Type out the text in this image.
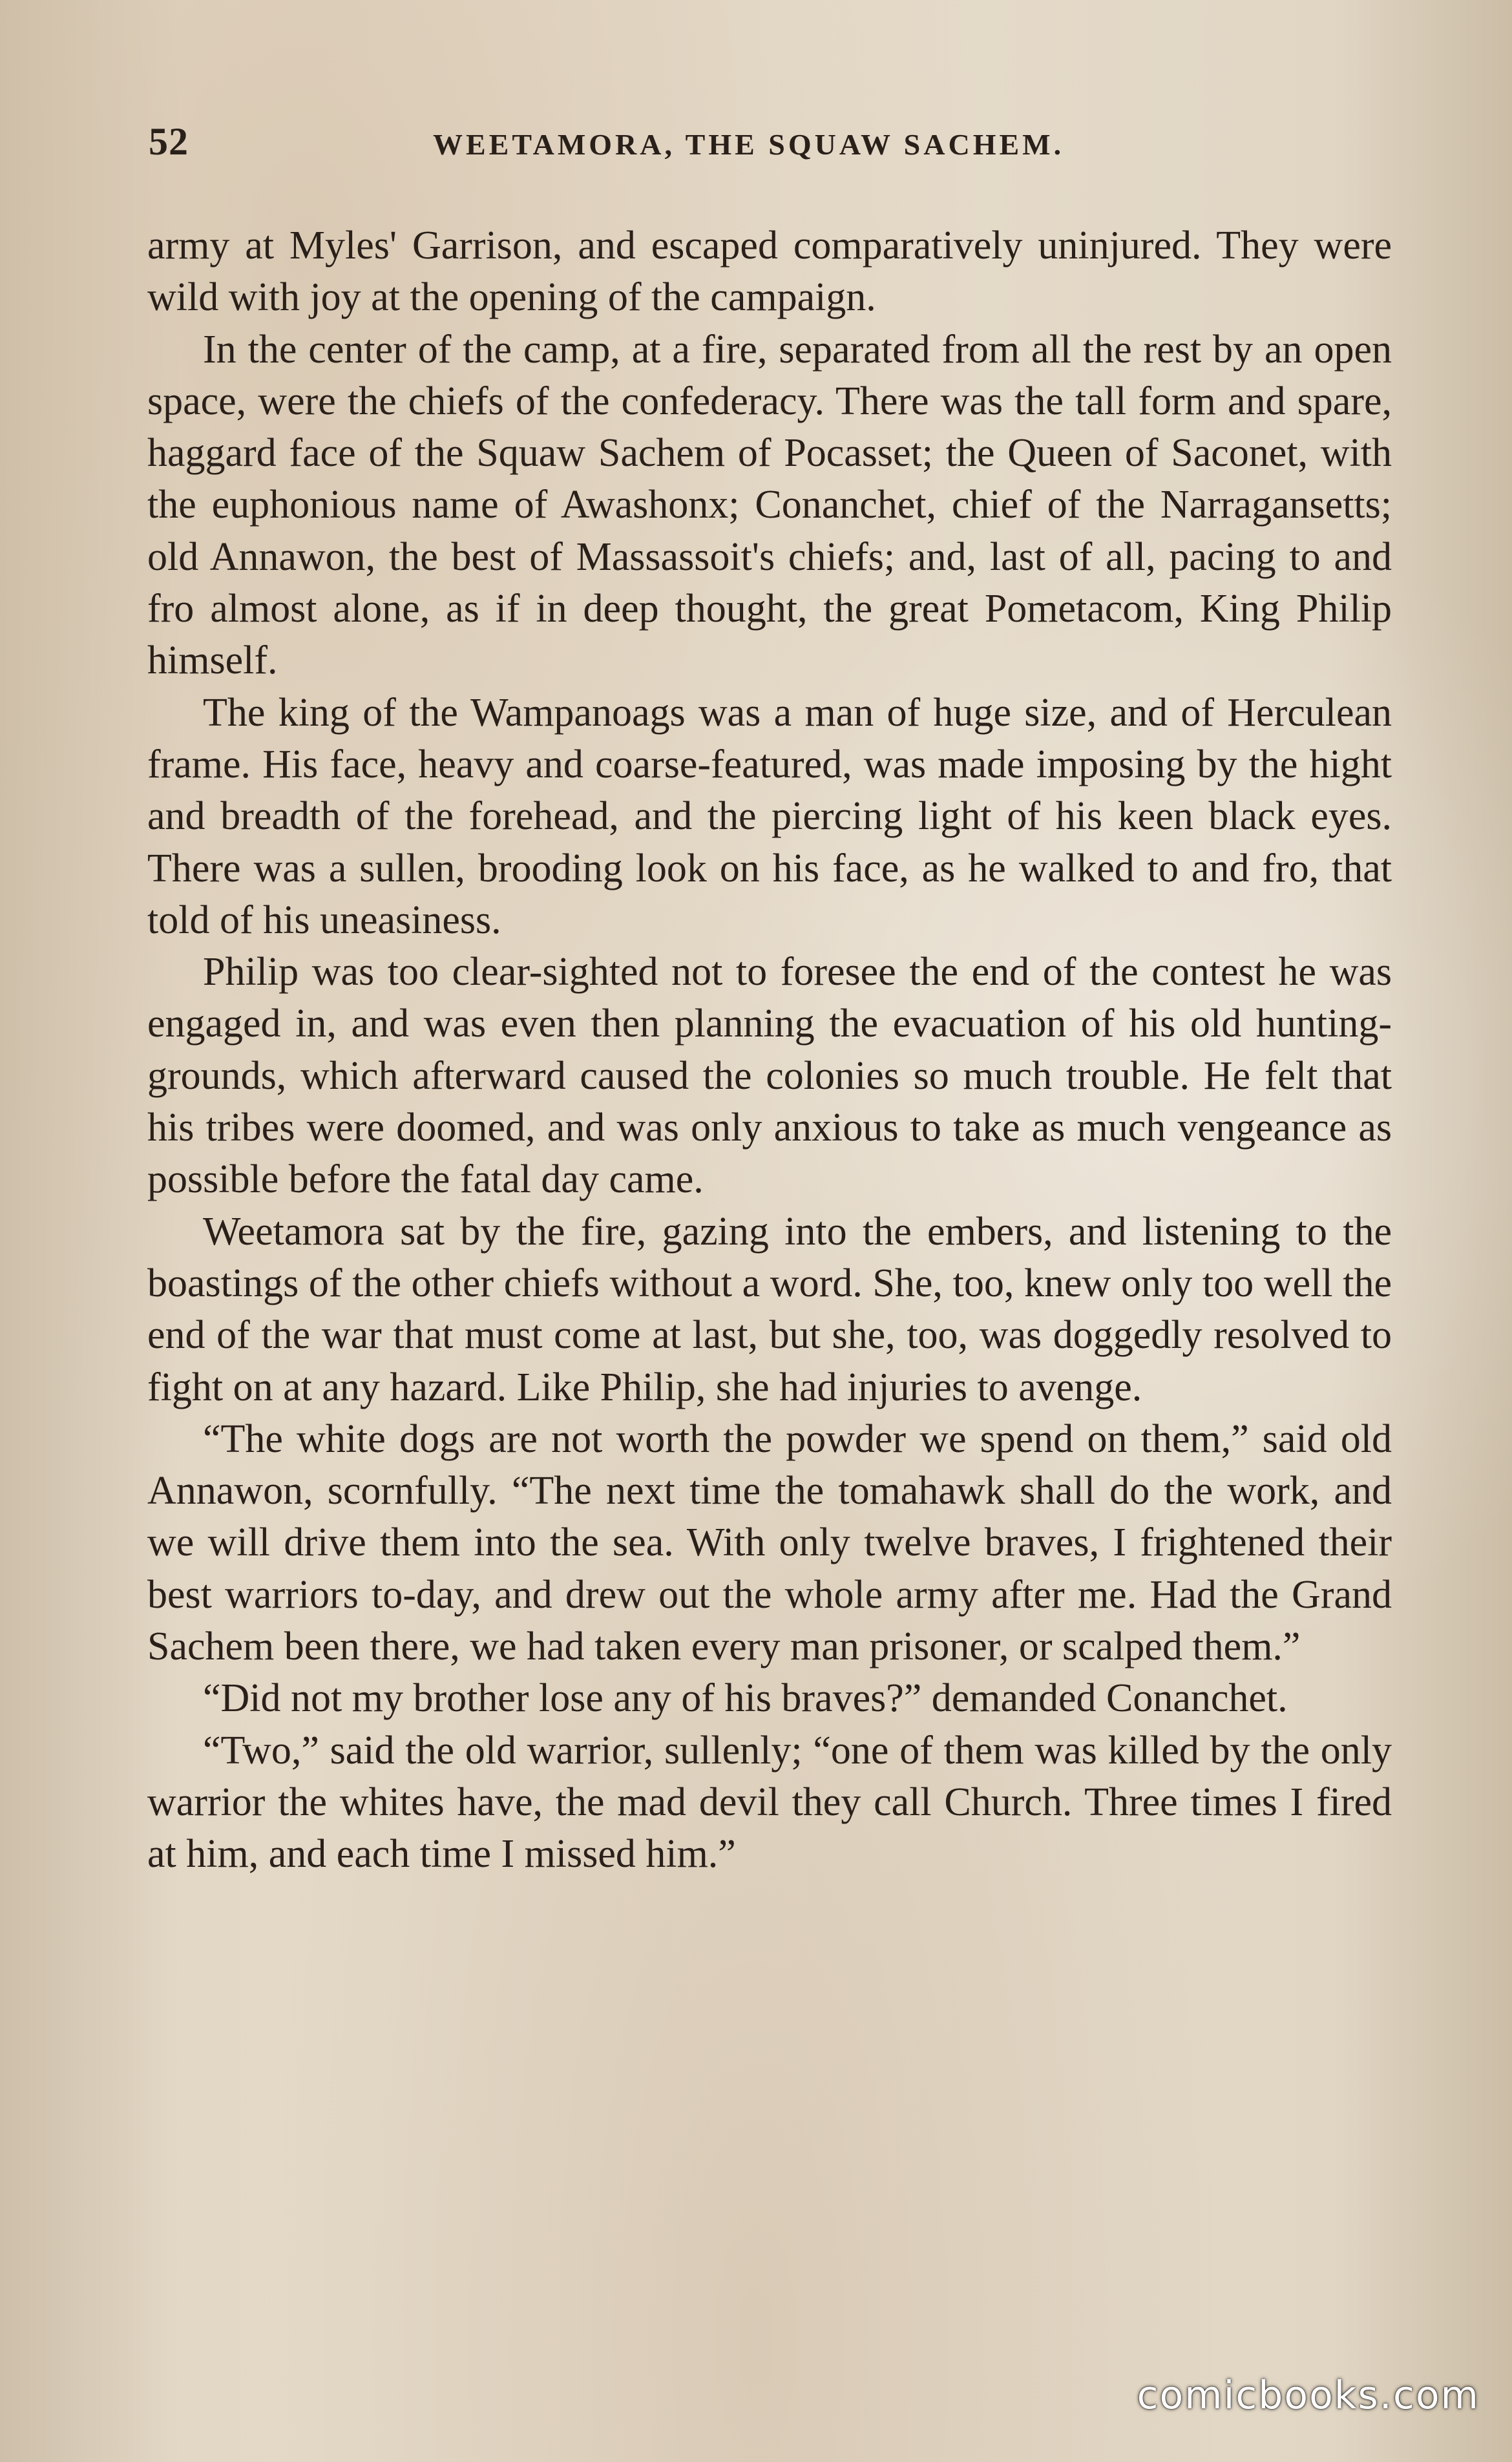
52	WEETAMORA, THE SQUAW SACHEM.

army at Myles' Garrison, and escaped comparatively uninjured. They were wild with joy at the opening of the campaign.

In the center of the camp, at a fire, separated from all the rest by an open space, were the chiefs of the confederacy. There was the tall form and spare, haggard face of the Squaw Sachem of Pocasset; the Queen of Saconet, with the euphonious name of Awashonx; Conanchet, chief of the Narragansetts; old Annawon, the best of Massassoit's chiefs; and, last of all, pacing to and fro almost alone, as if in deep thought, the great Pometacom, King Philip himself.

The king of the Wampanoags was a man of huge size, and of Herculean frame. His face, heavy and coarse-featured, was made imposing by the hight and breadth of the forehead, and the piercing light of his keen black eyes. There was a sullen, brooding look on his face, as he walked to and fro, that told of his uneasiness.

Philip was too clear-sighted not to foresee the end of the contest he was engaged in, and was even then planning the evacuation of his old hunting-grounds, which afterward caused the colonies so much trouble. He felt that his tribes were doomed, and was only anxious to take as much vengeance as possible before the fatal day came.

Weetamora sat by the fire, gazing into the embers, and listening to the boastings of the other chiefs without a word. She, too, knew only too well the end of the war that must come at last, but she, too, was doggedly resolved to fight on at any hazard. Like Philip, she had injuries to avenge.

“The white dogs are not worth the powder we spend on them,” said old Annawon, scornfully. “The next time the tomahawk shall do the work, and we will drive them into the sea. With only twelve braves, I frightened their best warriors to-day, and drew out the whole army after me. Had the Grand Sachem been there, we had taken every man prisoner, or scalped them.”

“Did not my brother lose any of his braves?” demanded Conanchet.

“Two,” said the old warrior, sullenly; “one of them was killed by the only warrior the whites have, the mad devil they call Church. Three times I fired at him, and each time I missed him.”

comicbooks.com
